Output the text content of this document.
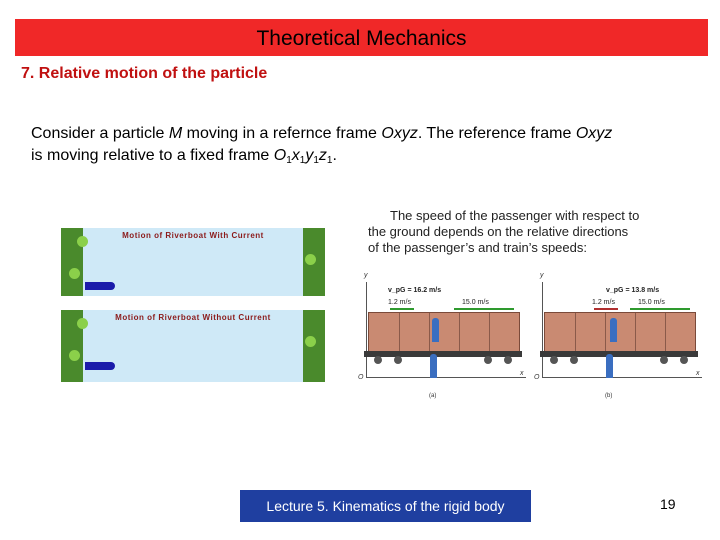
Theoretical Mechanics
7. Relative motion of the particle
Consider a particle M moving in a refernce frame Oxyz. The reference frame Oxyz
is moving relative to a fixed frame $O_1x_1y_1z_1$.
Motion of Riverboat With Current
Motion of Riverboat Without Current
The speed of the passenger with respect to
the ground depends on the relative directions
of the passenger’s and train’s speeds:
y
x
O
v_pG = 16.2 m/s
1.2 m/s	15.0 m/s
(a)
y
x
O
v_pG = 13.8 m/s
1.2 m/s	15.0 m/s
(b)
Lecture 5. Kinematics of the rigid body	19
